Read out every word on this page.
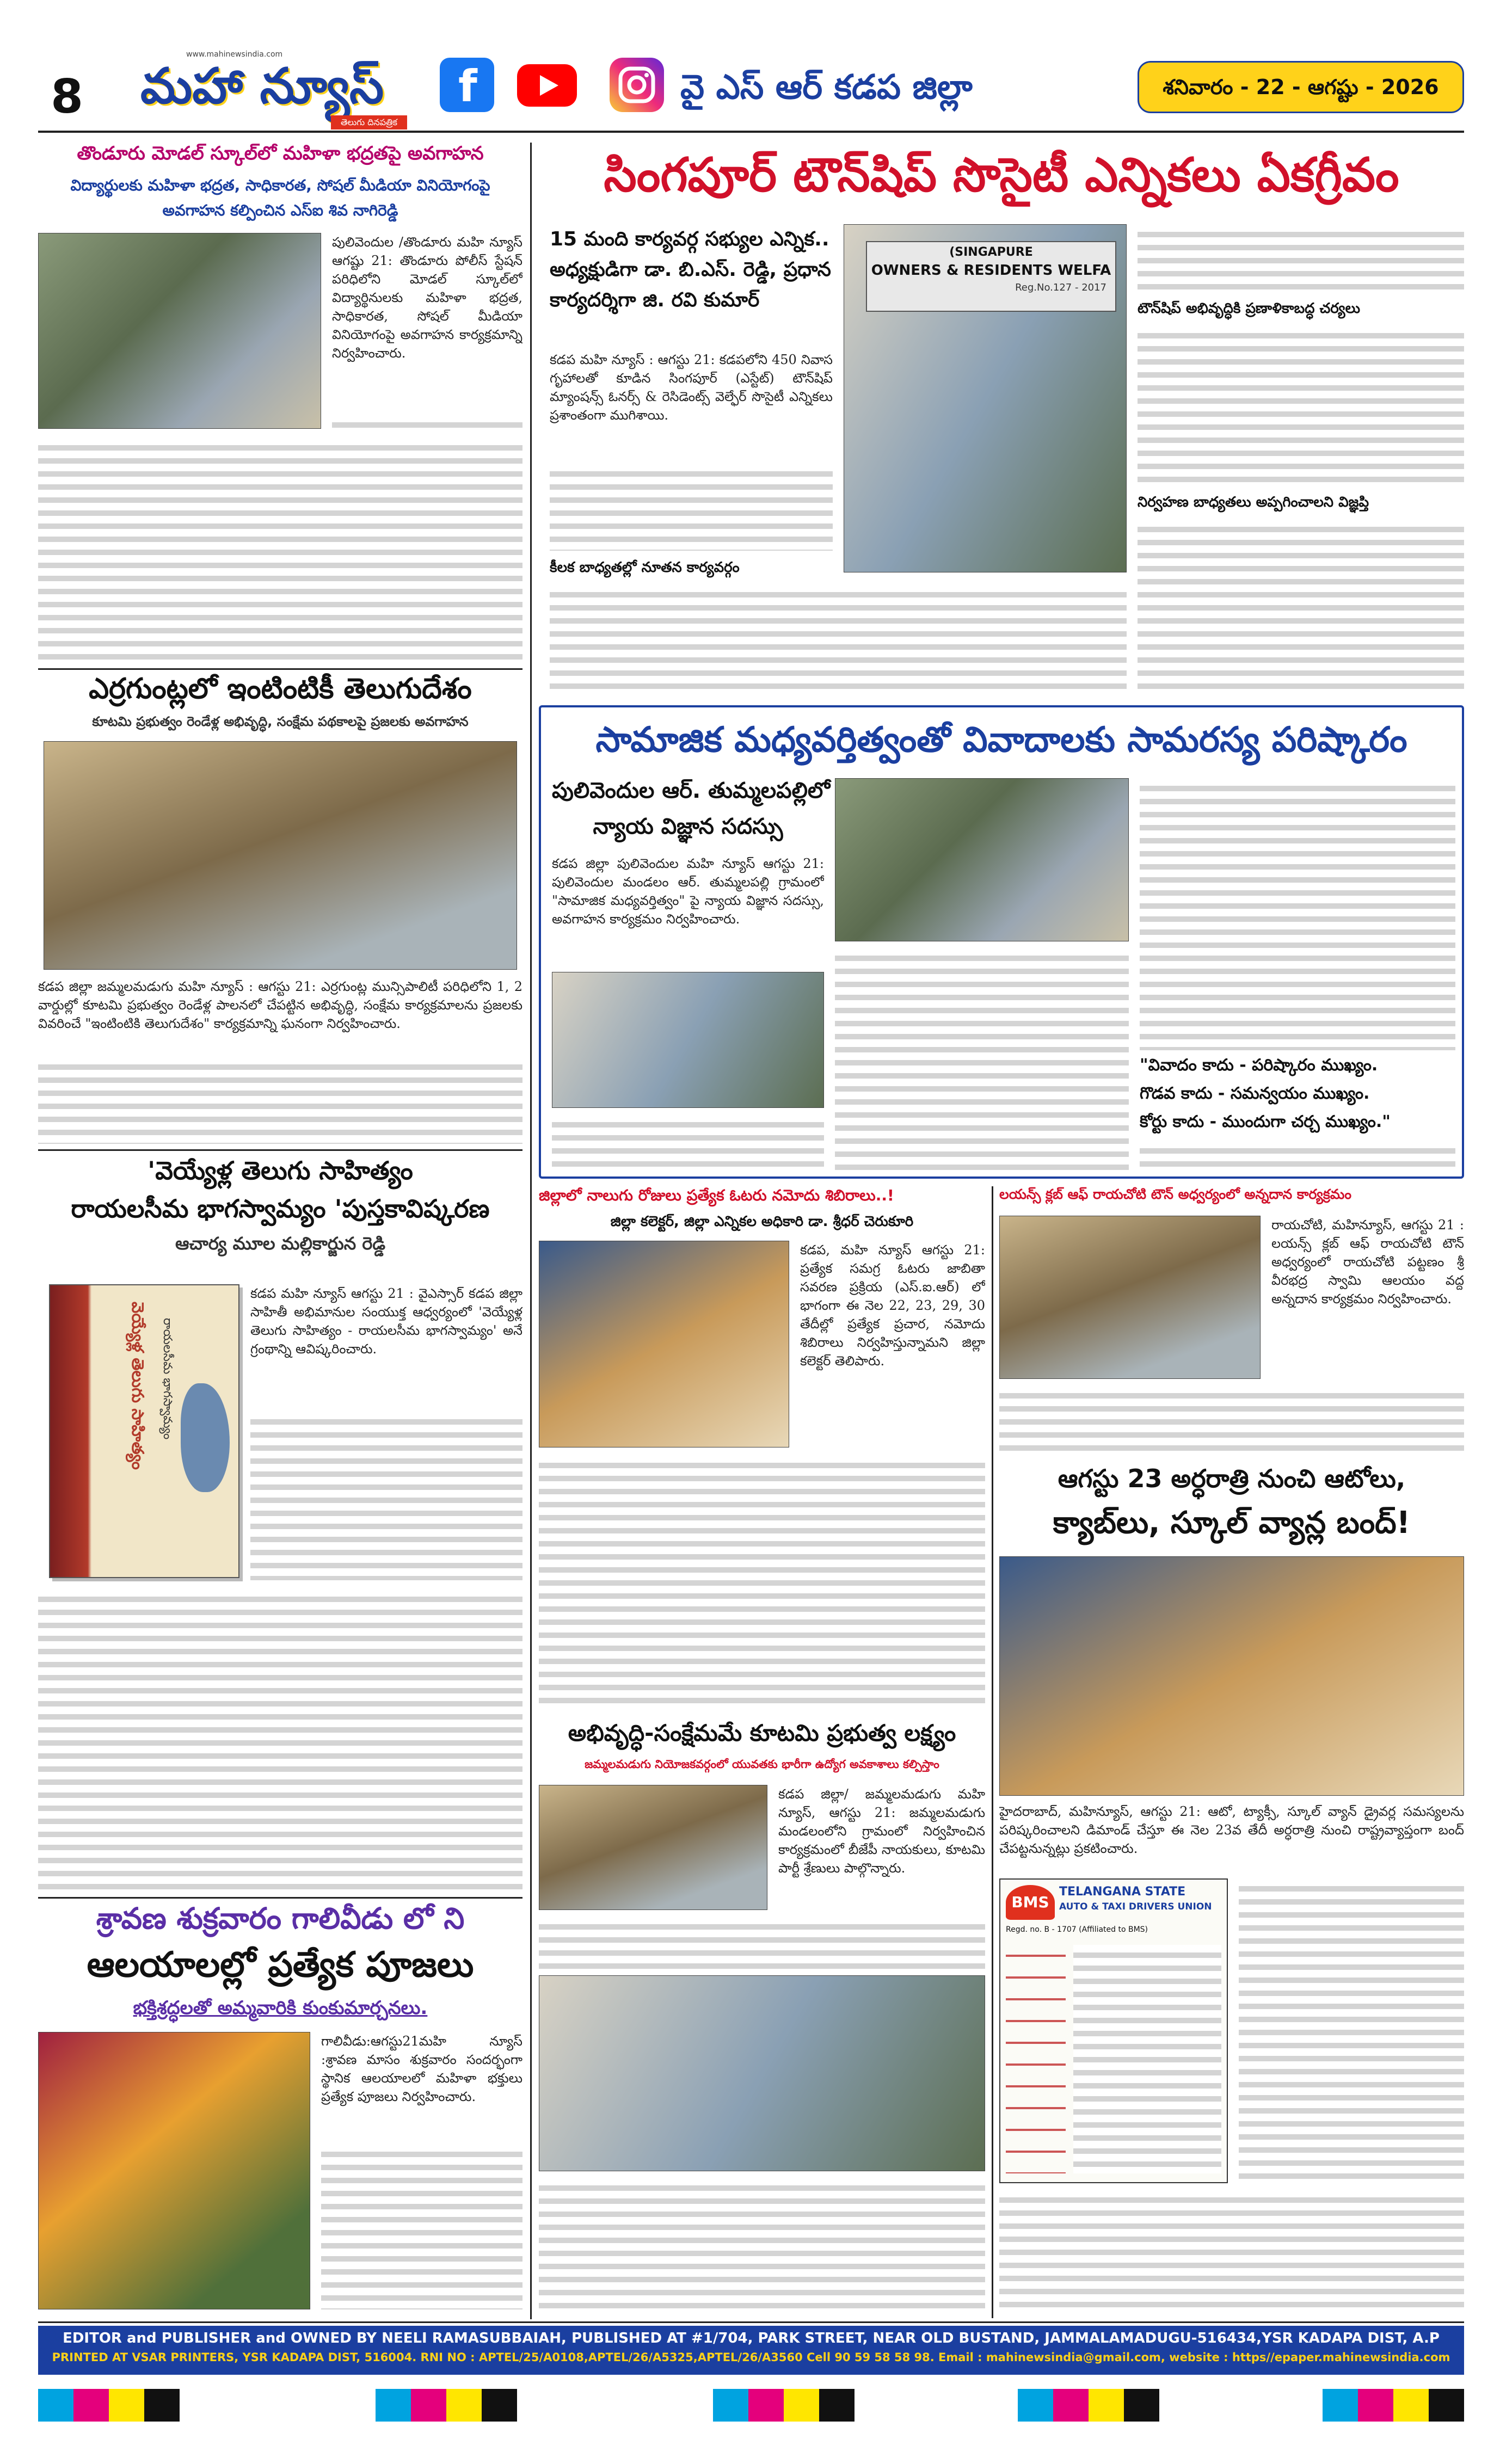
8
www.mahinewsindia.com
మహా న్యూస్
తెలుగు దినపత్రిక
f	వై ఎస్ ఆర్ కడప జిల్లా	శనివారం - 22 - ఆగష్టు - 2026
తొండూరు మోడల్ స్కూల్‌లో మహిళా భద్రతపై అవగాహన
విద్యార్థులకు మహిళా భద్రత, సాధికారత, సోషల్ మీడియా వినియోగంపై అవగాహన కల్పించిన ఎస్‌ఐ శివ నాగిరెడ్డి
పులివెందుల /తొండూరు మహి న్యూస్ ఆగష్టు 21: తొండూరు పోలీస్ స్టేషన్ పరిధిలోని మోడల్ స్కూల్‌లో విద్యార్థినులకు మహిళా భద్రత, సాధికారత, సోషల్ మీడియా వినియోగంపై అవగాహన కార్యక్రమాన్ని నిర్వహించారు.
ఎర్రగుంట్లలో ఇంటింటికీ తెలుగుదేశం
కూటమి ప్రభుత్వం రెండేళ్ల అభివృద్ధి, సంక్షేమ పథకాలపై ప్రజలకు అవగాహన
కడప జిల్లా జమ్మలమడుగు మహి న్యూస్ : ఆగస్టు 21: ఎర్రగుంట్ల మున్సిపాలిటీ పరిధిలోని 1, 2 వార్డుల్లో కూటమి ప్రభుత్వం రెండేళ్ల పాలనలో చేపట్టిన అభివృద్ధి, సంక్షేమ కార్యక్రమాలను ప్రజలకు వివరించే "ఇంటింటికి తెలుగుదేశం" కార్యక్రమాన్ని ఘనంగా నిర్వహించారు.
'వెయ్యేళ్ల తెలుగు సాహిత్యం
రాయలసీమ భాగస్వామ్యం 'పుస్తకావిష్కరణ
ఆచార్య మూల మల్లికార్జున రెడ్డి
వెయ్యేళ్ల తెలుగు సాహిత్యం	రాయలసీమ భాగస్వామ్యం
కడప మహి న్యూస్ ఆగస్టు 21 : వైఎస్సార్ కడప జిల్లా సాహితీ అభిమానుల సంయుక్త ఆధ్వర్యంలో 'వెయ్యేళ్ల తెలుగు సాహిత్యం - రాయలసీమ భాగస్వామ్యం' అనే గ్రంథాన్ని ఆవిష్కరించారు.
శ్రావణ శుక్రవారం గాలివీడు లో ని
ఆలయాలల్లో ప్రత్యేక పూజలు
భక్తిశ్రద్ధలతో అమ్మవారికి కుంకుమార్చనలు.
గాలివీడు:ఆగస్టు21మహి న్యూస్ :శ్రావణ మాసం శుక్రవారం సందర్భంగా స్థానిక ఆలయాలలో మహిళా భక్తులు ప్రత్యేక పూజలు నిర్వహించారు.
సింగపూర్ టౌన్‌షిప్ సొసైటీ ఎన్నికలు ఏకగ్రీవం
15 మంది కార్యవర్గ సభ్యుల ఎన్నిక.. అధ్యక్షుడిగా డా. బి.ఎస్. రెడ్డి, ప్రధాన కార్యదర్శిగా జి. రవి కుమార్
కడప మహి న్యూస్ : ఆగస్టు 21: కడపలోని 450 నివాస గృహాలతో కూడిన సింగపూర్ (ఎస్టేట్) టౌన్‌షిప్ మ్యాంషన్స్ ఓనర్స్ & రెసిడెంట్స్ వెల్ఫేర్ సొసైటీ ఎన్నికలు ప్రశాంతంగా ముగిశాయి.
కీలక బాధ్యతల్లో నూతన కార్యవర్గం
(SINGAPURE
OWNERS & RESIDENTS WELFA
Reg.No.127 - 2017
టౌన్‌షిప్ అభివృద్ధికి ప్రణాళికాబద్ధ చర్యలు
నిర్వహణ బాధ్యతలు అప్పగించాలని విజ్ఞప్తి
సామాజిక మధ్యవర్తిత్వంతో వివాదాలకు సామరస్య పరిష్కారం
పులివెందుల ఆర్. తుమ్మలపల్లిలో
న్యాయ విజ్ఞాన సదస్సు
కడప జిల్లా పులివెందుల మహి న్యూస్ ఆగస్టు 21: పులివెందుల మండలం ఆర్. తుమ్మలపల్లి గ్రామంలో "సామాజిక మధ్యవర్తిత్వం" పై న్యాయ విజ్ఞాన సదస్సు, అవగాహన కార్యక్రమం నిర్వహించారు.
"వివాదం కాదు - పరిష్కారం ముఖ్యం.
గొడవ కాదు - సమన్వయం ముఖ్యం.
కోర్టు కాదు - ముందుగా చర్చ ముఖ్యం."
జిల్లాలో నాలుగు రోజులు ప్రత్యేక ఓటరు నమోదు శిబిరాలు..!
జిల్లా కలెక్టర్, జిల్లా ఎన్నికల అధికారి డా. శ్రీధర్ చెరుకూరి
కడప, మహి న్యూస్ ఆగస్టు 21: ప్రత్యేక సమగ్ర ఓటరు జాబితా సవరణ ప్రక్రియ (ఎస్.ఐ.ఆర్) లో భాగంగా ఈ నెల 22, 23, 29, 30 తేదీల్లో ప్రత్యేక ప్రచార, నమోదు శిబిరాలు నిర్వహిస్తున్నామని జిల్లా కలెక్టర్ తెలిపారు.
అభివృద్ధి-సంక్షేమమే కూటమి ప్రభుత్వ లక్ష్యం
జమ్మలమడుగు నియోజకవర్గంలో యువతకు భారీగా ఉద్యోగ అవకాశాలు కల్పిస్తాం
కడప జిల్లా/ జమ్మలమడుగు మహి న్యూస్, ఆగస్టు 21: జమ్మలమడుగు మండలంలోని గ్రామంలో నిర్వహించిన కార్యక్రమంలో బీజేపీ నాయకులు, కూటమి పార్టీ శ్రేణులు పాల్గొన్నారు.
లయన్స్ క్లబ్ ఆఫ్ రాయచోటి టౌన్ అధ్వర్యంలో అన్నదాన కార్యక్రమం
రాయచోటి, మహిన్యూస్, ఆగస్టు 21 : లయన్స్ క్లబ్ ఆఫ్ రాయచోటి టౌన్ అధ్వర్యంలో రాయచోటి పట్టణం శ్రీ వీరభద్ర స్వామి ఆలయం వద్ద అన్నదాన కార్యక్రమం నిర్వహించారు.
ఆగస్టు 23 అర్ధరాత్రి నుంచి ఆటోలు,
క్యాబ్‌లు, స్కూల్ వ్యాన్ల బంద్!
హైదరాబాద్, మహిన్యూస్, ఆగస్టు 21: ఆటో, ట్యాక్సీ, స్కూల్ వ్యాన్ డ్రైవర్ల సమస్యలను పరిష్కరించాలని డిమాండ్ చేస్తూ ఈ నెల 23వ తేదీ అర్ధరాత్రి నుంచి రాష్ట్రవ్యాప్తంగా బంద్ చేపట్టనున్నట్లు ప్రకటించారు.
BMS
TELANGANA STATE
AUTO & TAXI DRIVERS UNION
Regd. no. B - 1707 (Affiliated to BMS)
EDITOR and PUBLISHER and OWNED BY NEELI RAMASUBBAIAH, PUBLISHED AT #1/704, PARK STREET, NEAR OLD BUSTAND, JAMMALAMADUGU-516434,YSR KADAPA DIST, A.P
PRINTED AT VSAR PRINTERS, YSR KADAPA DIST, 516004. RNI NO : APTEL/25/A0108,APTEL/26/A5325,APTEL/26/A3560 Cell 90 59 58 58 98. Email : mahinewsindia@gmail.com, website : https//epaper.mahinewsindia.com
